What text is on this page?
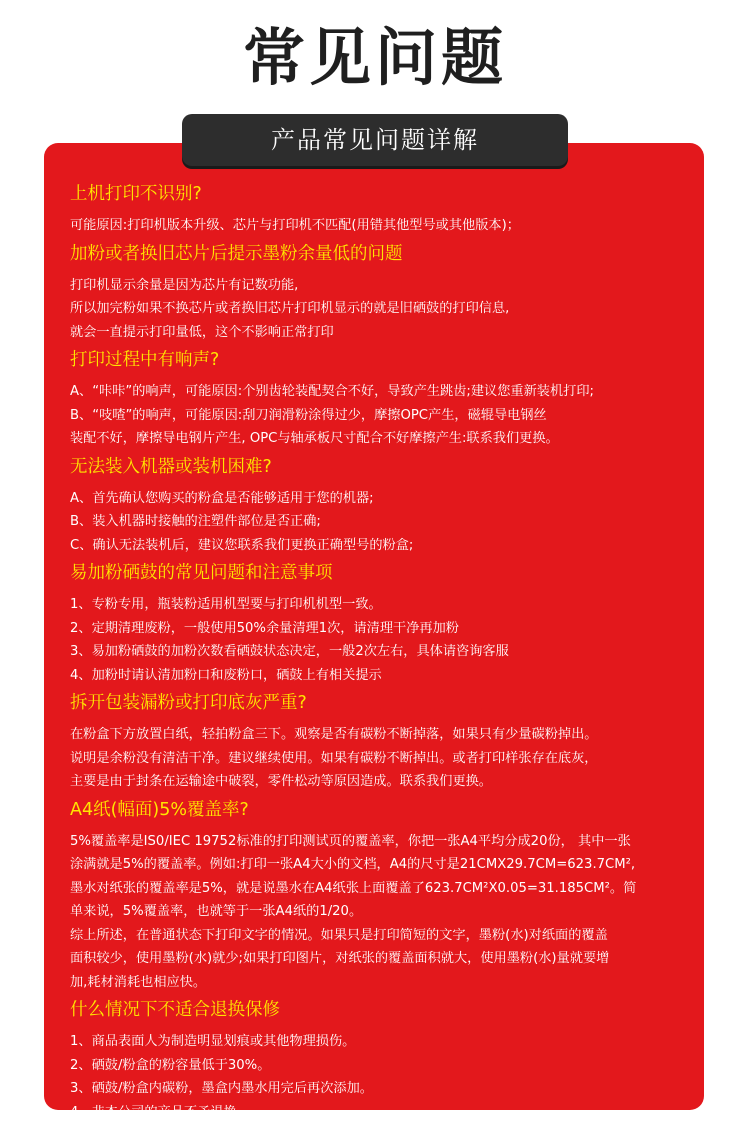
常见问题
产品常见问题详解
上机打印不识别?
可能原因:打印机版本升级、芯片与打印机不匹配(用错其他型号或其他版本)；
加粉或者换旧芯片后提示墨粉余量低的问题
打印机显示余量是因为芯片有记数功能,
所以加完粉如果不换芯片或者换旧芯片打印机显示的就是旧硒鼓的打印信息,
就会一直提示打印量低，这个不影响正常打印
打印过程中有响声?
A、“咔咔”的响声，可能原因:个别齿轮装配契合不好，导致产生跳齿;建议您重新装机打印;
B、“吱喳”的响声，可能原因:刮刀润滑粉涂得过少，摩擦OPC产生，磁辊导电钢丝
装配不好，摩擦导电钢片产生, OPC与轴承板尺寸配合不好摩擦产生:联系我们更换。
无法装入机器或装机困难?
A、首先确认您购买的粉盒是否能够适用于您的机器;
B、装入机器时接触的注塑件部位是否正确;
C、确认无法装机后，建议您联系我们更换正确型号的粉盒;
易加粉硒鼓的常见问题和注意事项
1、专粉专用，瓶装粉适用机型要与打印机机型一致。
2、定期清理废粉，一般使用50%余量清理1次，请清理干净再加粉
3、易加粉硒鼓的加粉次数看硒鼓状态决定，一般2次左右，具体请咨询客服
4、加粉时请认清加粉口和废粉口，硒鼓上有相关提示
拆开包装漏粉或打印底灰严重?
在粉盒下方放置白纸，轻拍粉盒三下。观察是否有碳粉不断掉落，如果只有少量碳粉掉出。
说明是余粉没有清洁干净。建议继续使用。如果有碳粉不断掉出。或者打印样张存在底灰，
主要是由于封条在运输途中破裂，零件松动等原因造成。联系我们更换。
A4纸(幅面)5%覆盖率?
5%覆盖率是IS0/IEC 19752标准的打印测试页的覆盖率，你把一张A4平均分成20份， 其中一张
涂满就是5%的覆盖率。例如:打印一张A4大小的文档，A4的尺寸是21CMX29.7CM=623.7CM²,
墨水对纸张的覆盖率是5%，就是说墨水在A4纸张上面覆盖了623.7CM²X0.05=31.185CM²。简
单来说，5%覆盖率，也就等于一张A4纸的1/20。
综上所述，在普通状态下打印文字的情况。如果只是打印简短的文字，墨粉(水)对纸面的覆盖
面积较少，使用墨粉(水)就少;如果打印图片，对纸张的覆盖面积就大，使用墨粉(水)量就要增
加,耗材消耗也相应快。
什么情况下不适合退换保修
1、商品表面人为制造明显划痕或其他物理损伤。
2、硒鼓/粉盒的粉容量低于30%。
3、硒鼓/粉盒内碳粉，墨盒内墨水用完后再次添加。
4、非本公司的产品不予退换。
